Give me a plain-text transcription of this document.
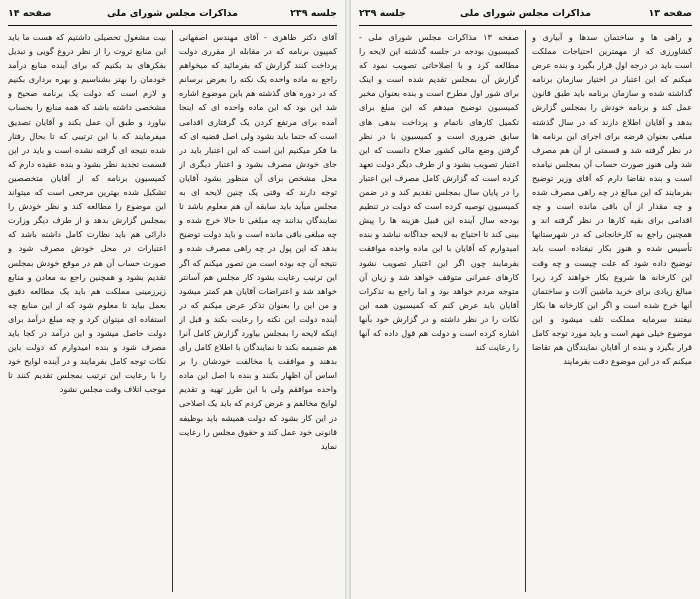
جلسه ۲۳۹
مذاکرات مجلس شورای ملی
صفحه ۱۴

آقای دکتر طاهری - آقای مهندس اصفهانی کمپیون برنامه که در مقابله از مقرری دولت پرداخت کنند گزارش که بفرمائید که میخواهم راجع به ماده واحده یک نکته را بعرض برسانم که در دوره های گذشته هم باین موضوع اشاره شد این بود که این ماده واحده ای که اینجا آمده برای مرتفع کردن یک گرفتاری اقدامی است که حتما باید بشود ولی اصل قضیه ای که ما فکر میکنیم این است که این اعتبار باید در جای خودش مصرف بشود و اعتبار دیگری از محل مشخص برای آن منظور بشود آقایان توجه دارند که وقتی یک چنین لایحه ای به مجلس میآید باید سابقه آن هم معلوم باشد تا نمایندگان بدانند چه مبلغی تا حالا خرج شده و چه مبلغی باقی مانده است و باید دولت توضیح بدهد که این پول در چه راهی مصرف شده و نتیجه آن چه بوده است من تصور میکنم که اگر این ترتیب رعایت بشود کار مجلس هم آسانتر خواهد شد و اعتراضات آقایان هم کمتر میشود و من این را بعنوان تذکر عرض میکنم که در آینده دولت این نکته را رعایت بکند و قبل از اینکه لایحه را بمجلس بیاورد گزارش کامل آنرا هم ضمیمه بکند تا نمایندگان با اطلاع کامل رأی بدهند و موافقت یا مخالفت خودشان را بر اساس آن اظهار بکنند و بنده با اصل این ماده واحده موافقم ولی با این طرز تهیه و تقدیم لوایح مخالفم و عرض کردم که باید یک اصلاحی در این کار بشود که دولت همیشه باید بوظیفه قانونی خود عمل کند و حقوق مجلس را رعایت نماید

بیت مشغول تحصیلی داشتیم که هست ما باید این منابع ثروت را از نظر دروغ گویی و تبدیل بفکرهای بد بکنیم که برای آینده منابع درآمد خودمان را بهتر بشناسیم و بهره برداری بکنیم و لازم است که دولت یک برنامه صحیح و مشخصی داشته باشد که همه منابع را بحساب بیاورد و طبق آن عمل بکند و آقایان تصدیق میفرمایند که با این ترتیبی که تا بحال رفتار شده نتیجه ای گرفته نشده است و باید در این قسمت تجدید نظر بشود و بنده عقیده دارم که کمیسیون برنامه که از آقایان متخصصین تشکیل شده بهترین مرجعی است که میتواند این موضوع را مطالعه کند و نظر خودش را بمجلس گزارش بدهد و از طرف دیگر وزارت دارائی هم باید نظارت کامل داشته باشد که اعتبارات در محل خودش مصرف شود و صورت حساب آن هم در موقع خودش بمجلس تقدیم بشود و همچنین راجع به معادن و منابع زیرزمینی مملکت هم باید یک مطالعه دقیق بعمل بیاید تا معلوم شود که از این منابع چه استفاده ای میتوان کرد و چه مبلغ درآمد برای دولت حاصل میشود و این درآمد در کجا باید مصرف شود و بنده امیدوارم که دولت باین نکات توجه کامل بفرمایند و در آینده لوایح خود را با رعایت این ترتیب بمجلس تقدیم کنند تا موجب اتلاف وقت مجلس نشود

صفحه ۱۳
مذاکرات مجلس شورای ملی
جلسه ۲۳۹

و راهی ها و ساختمان سدها و آبیاری و کشاورزی که از مهمترین احتیاجات مملکت است باید در درجه اول قرار بگیرد و بنده عرض میکنم که این اعتبار در اختیار سازمان برنامه گذاشته شده و سازمان برنامه باید طبق قانون عمل کند و برنامه خودش را بمجلس گزارش بدهد و آقایان اطلاع دارند که در سال گذشته مبلغی بعنوان قرضه برای اجرای این برنامه ها در نظر گرفته شد و قسمتی از آن هم مصرف شد ولی هنوز صورت حساب آن بمجلس نیامده است و بنده تقاضا دارم که آقای وزیر توضیح بفرمایند که این مبالغ در چه راهی مصرف شده و چه مقدار از آن باقی مانده است و چه اقدامی برای بقیه کارها در نظر گرفته اند و همچنین راجع به کارخانجاتی که در شهرستانها تأسیس شده و هنوز بکار نیفتاده است باید توضیح داده شود که علت چیست و چه وقت این کارخانه ها شروع بکار خواهند کرد زیرا مبالغ زیادی برای خرید ماشین آلات و ساختمان آنها خرج شده است و اگر این کارخانه ها بکار نیفتند سرمایه مملکت تلف میشود و این موضوع خیلی مهم است و باید مورد توجه کامل قرار بگیرد و بنده از آقایان نمایندگان هم تقاضا میکنم که در این موضوع دقت بفرمایند

صفحه ۱۳ مذاکرات مجلس شورای ملی - کمیسیون بودجه در جلسه گذشته این لایحه را مطالعه کرد و با اصلاحاتی تصویب نمود که گزارش آن بمجلس تقدیم شده است و اینک برای شور اول مطرح است و بنده بعنوان مخبر کمیسیون توضیح میدهم که این مبلغ برای تکمیل کارهای ناتمام و پرداخت بدهی های سابق ضروری است و کمیسیون با در نظر گرفتن وضع مالی کشور صلاح دانست که این اعتبار تصویب بشود و از طرف دیگر دولت تعهد کرده است که گزارش کامل مصرف این اعتبار را در پایان سال بمجلس تقدیم کند و در ضمن کمیسیون توصیه کرده است که دولت در تنظیم بودجه سال آینده این قبیل هزینه ها را پیش بینی کند تا احتیاج به لایحه جداگانه نباشد و بنده امیدوارم که آقایان با این ماده واحده موافقت بفرمایند چون اگر این اعتبار تصویب نشود کارهای عمرانی متوقف خواهد شد و زیان آن متوجه مردم خواهد بود و اما راجع به تذکرات آقایان باید عرض کنم که کمیسیون همه این نکات را در نظر داشته و در گزارش خود بآنها اشاره کرده است و دولت هم قول داده که آنها را رعایت کند
